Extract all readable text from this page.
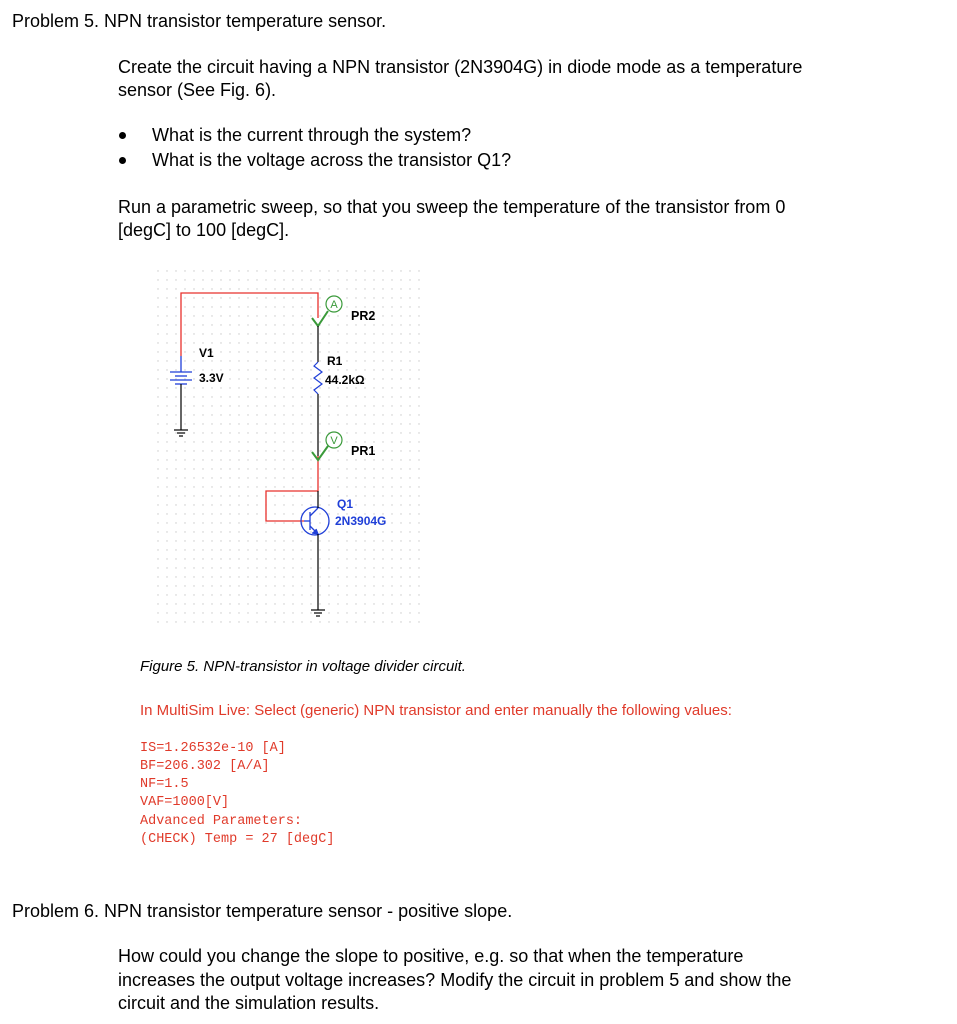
Problem 5. NPN transistor temperature sensor.

Create the circuit having a NPN transistor (2N3904G) in diode mode as a temperature

sensor (See Fig. 6).

What is the current through the system?

What is the voltage across the transistor Q1?

Run a parametric sweep, so that you sweep the temperature of the transistor from 0

[degC] to 100 [degC].

V1
3.3V
A
PR2
R1
44.2kΩ
V
PR1
Q1
2N3904G

Figure 5. NPN-transistor in voltage divider circuit.

In MultiSim Live: Select (generic) NPN transistor and enter manually the following values:

IS=1.26532e-10 [A]

BF=206.302 [A/A]

NF=1.5

VAF=1000[V]

Advanced Parameters:

(CHECK) Temp = 27 [degC]

Problem 6. NPN transistor temperature sensor - positive slope.

How could you change the slope to positive, e.g. so that when the temperature

increases the output voltage increases? Modify the circuit in problem 5 and show the

circuit and the simulation results.
